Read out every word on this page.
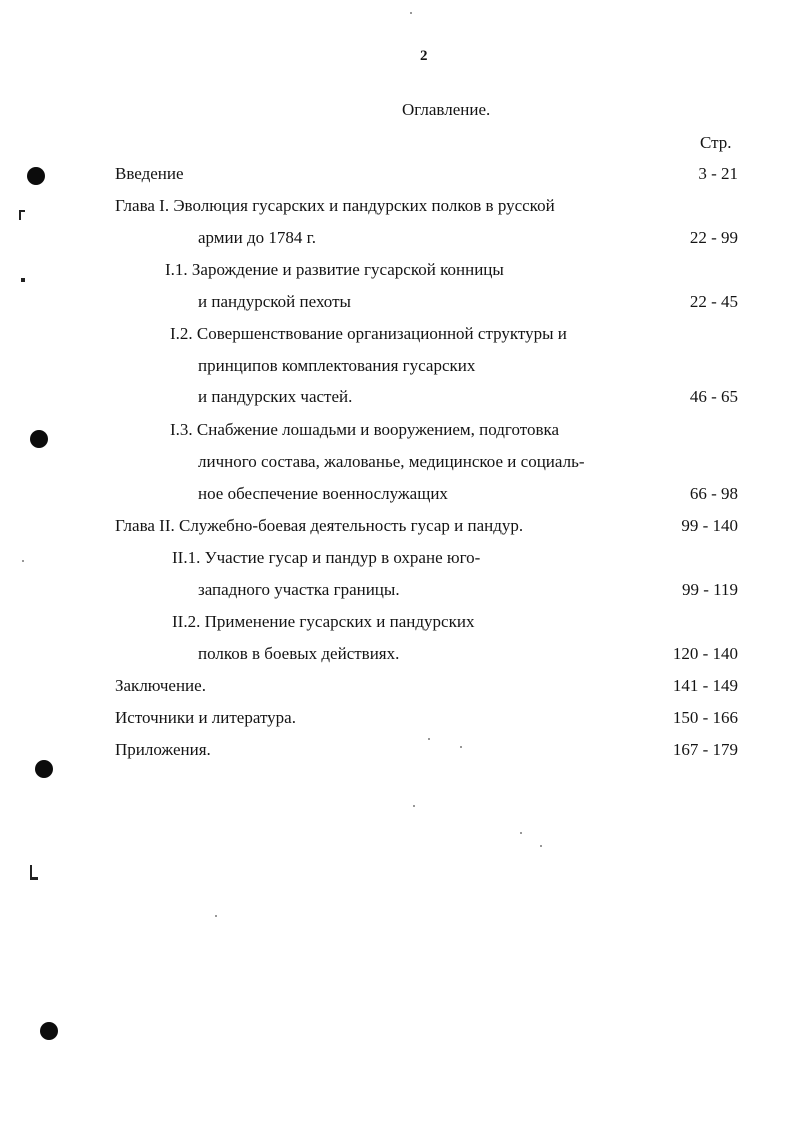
2
Оглавление.
Стр.
Введение	3 - 21
Глава I. Эволюция гусарских и пандурских полков в русской
армии до 1784 г.	22 - 99
I.1. Зарождение и развитие гусарской конницы
и пандурской пехоты	22 - 45
I.2. Совершенствование организационной структуры и
принципов комплектования гусарских
и пандурских частей.	46 - 65
I.3. Снабжение лошадьми и вооружением, подготовка
личного состава, жалованье, медицинское и социаль-
ное обеспечение военнослужащих	66 - 98
Глава II. Служебно-боевая деятельность гусар и пандур.	99 - 140
II.1. Участие гусар и пандур в охране юго-
западного участка границы.	99 - 119
II.2. Применение гусарских и пандурских
полков в боевых действиях.	120 - 140
Заключение.	141 - 149
Источники и литература.	150 - 166
Приложения.	167 - 179
